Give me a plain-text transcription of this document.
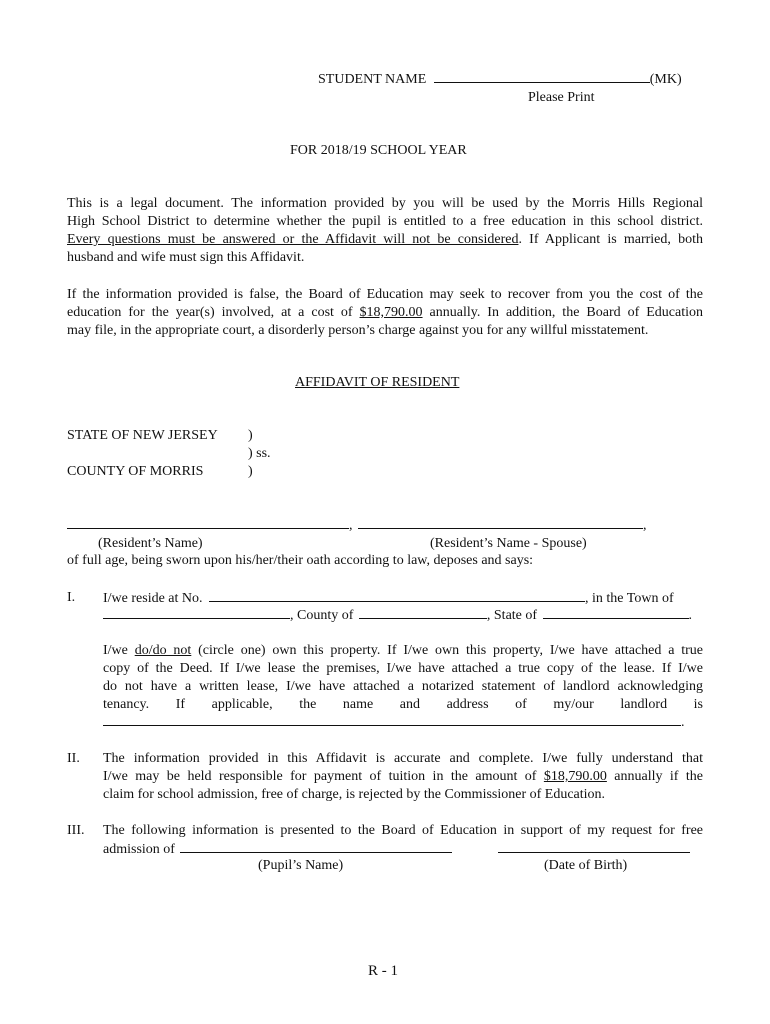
STUDENT NAME	(MK)
Please Print
FOR 2018/19 SCHOOL YEAR
This is a legal document. The information provided by you will be used by the Morris Hills Regional
High School District to determine whether the pupil is entitled to a free education in this school district.
Every questions must be answered or the Affidavit will not be considered. If Applicant is married, both
husband and wife must sign this Affidavit.
If the information provided is false, the Board of Education may seek to recover from you the cost of the
education for the year(s) involved, at a cost of $18,790.00 annually. In addition, the Board of Education
may file, in the appropriate court, a disorderly person’s charge against you for any willful misstatement.
AFFIDAVIT OF RESIDENT
STATE OF NEW JERSEY )
) ss.
COUNTY OF MORRIS	)
,	,
(Resident’s Name)	(Resident’s Name - Spouse)
of full age, being sworn upon his/her/their oath according to law, deposes and says:
I. I/we reside at No.	, in the Town of
, County of	, State of	.
I/we do/do not (circle one) own this property. If I/we own this property, I/we have attached a true
copy of the Deed. If I/we lease the premises, I/we have attached a true copy of the lease. If I/we
do not have a written lease, I/we have attached a notarized statement of landlord acknowledging
tenancy. If applicable, the name and address of my/our landlord is
.
II. The information provided in this Affidavit is accurate and complete. I/we fully understand that
I/we may be held responsible for payment of tuition in the amount of $18,790.00 annually if the
claim for school admission, free of charge, is rejected by the Commissioner of Education.
III. The following information is presented to the Board of Education in support of my request for free
admission of
(Pupil’s Name)	(Date of Birth)
R - 1
